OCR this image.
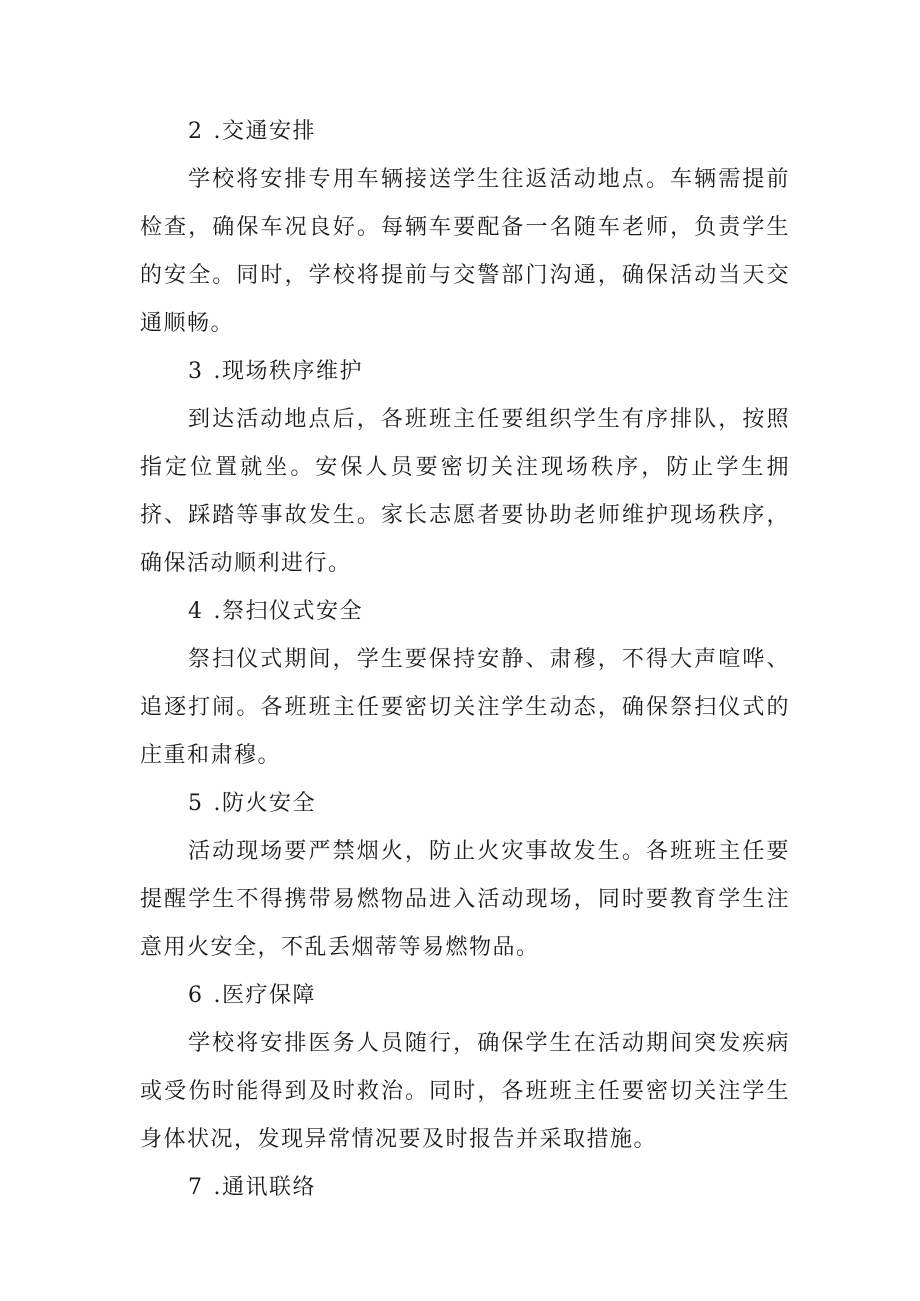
2 .交通安排

学校将安排专用车辆接送学生往返活动地点。车辆需提前检查，确保车况良好。每辆车要配备一名随车老师，负责学生的安全。同时，学校将提前与交警部门沟通，确保活动当天交通顺畅。

3 .现场秩序维护

到达活动地点后，各班班主任要组织学生有序排队，按照指定位置就坐。安保人员要密切关注现场秩序，防止学生拥挤、踩踏等事故发生。家长志愿者要协助老师维护现场秩序，确保活动顺利进行。

4 .祭扫仪式安全

祭扫仪式期间，学生要保持安静、肃穆，不得大声喧哗、追逐打闹。各班班主任要密切关注学生动态，确保祭扫仪式的庄重和肃穆。

5 .防火安全

活动现场要严禁烟火，防止火灾事故发生。各班班主任要提醒学生不得携带易燃物品进入活动现场，同时要教育学生注意用火安全，不乱丢烟蒂等易燃物品。

6 .医疗保障

学校将安排医务人员随行，确保学生在活动期间突发疾病或受伤时能得到及时救治。同时，各班班主任要密切关注学生身体状况，发现异常情况要及时报告并采取措施。

7 .通讯联络
